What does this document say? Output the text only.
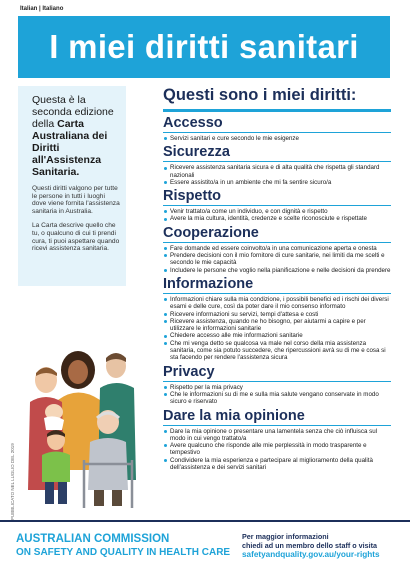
Italian | Italiano
I miei diritti sanitari

Questa è la seconda edizione della Carta Australiana dei Diritti all'Assistenza Sanitaria.

Questi diritti valgono per tutte le persone in tutti i luoghi dove viene fornita l'assistenza sanitaria in Australia.

La Carta descrive quello che tu, o qualcuno di cui ti prendi cura, ti puoi aspettare quando ricevi assistenza sanitaria.

PUBBLICATO NEL LUGLIO DEL 2019
Questi sono i miei diritti:
Accesso
Servizi sanitari e cure secondo le mie esigenze
Sicurezza
Ricevere assistenza sanitaria sicura e di alta qualità che rispetta gli standard nazionali
Essere assistito/a in un ambiente che mi fa sentire sicuro/a
Rispetto
Venir trattato/a come un individuo, e con dignità e rispetto
Avere la mia cultura, identità, credenze e scelte riconosciute e rispettate
Cooperazione
Fare domande ed essere coinvolto/a in una comunicazione aperta e onesta
Prendere decisioni con il mio fornitore di cure sanitarie, nei limiti da me scelti e secondo le mie capacità
Includere le persone che voglio nella pianificazione e nelle decisioni da prendere
Informazione
Informazioni chiare sulla mia condizione, i possibili benefici ed i rischi dei diversi esami e delle cure, così da poter dare il mio consenso informato
Ricevere informazioni su servizi, tempi d'attesa e costi
Ricevere assistenza, quando ne ho bisogno, per aiutarmi a capire e per utilizzare le informazioni sanitarie
Chiedere accesso alle mie informazioni sanitarie
Che mi venga detto se qualcosa va male nel corso della mia assistenza sanitaria, come sia potuto succedere, che ripercussioni avrà su di me e cosa si sta facendo per rendere l'assistenza sicura
Privacy
Rispetto per la mia privacy
Che le informazioni su di me e sulla mia salute vengano conservate in modo sicuro e riservato
Dare la mia opinione
Dare la mia opinione o presentare una lamentela senza che ciò influisca sul modo in cui vengo trattato/a
Avere qualcuno che risponde alle mie perplessità in modo trasparente e tempestivo
Condividere la mia esperienza e partecipare al miglioramento della qualità dell'assistenza e dei servizi sanitari
AUSTRALIAN COMMISSION
ON SAFETY AND QUALITY IN HEALTH CARE
Per maggior informazioni
chiedi ad un membro dello staff o visita
safetyandquality.gov.au/your-rights
